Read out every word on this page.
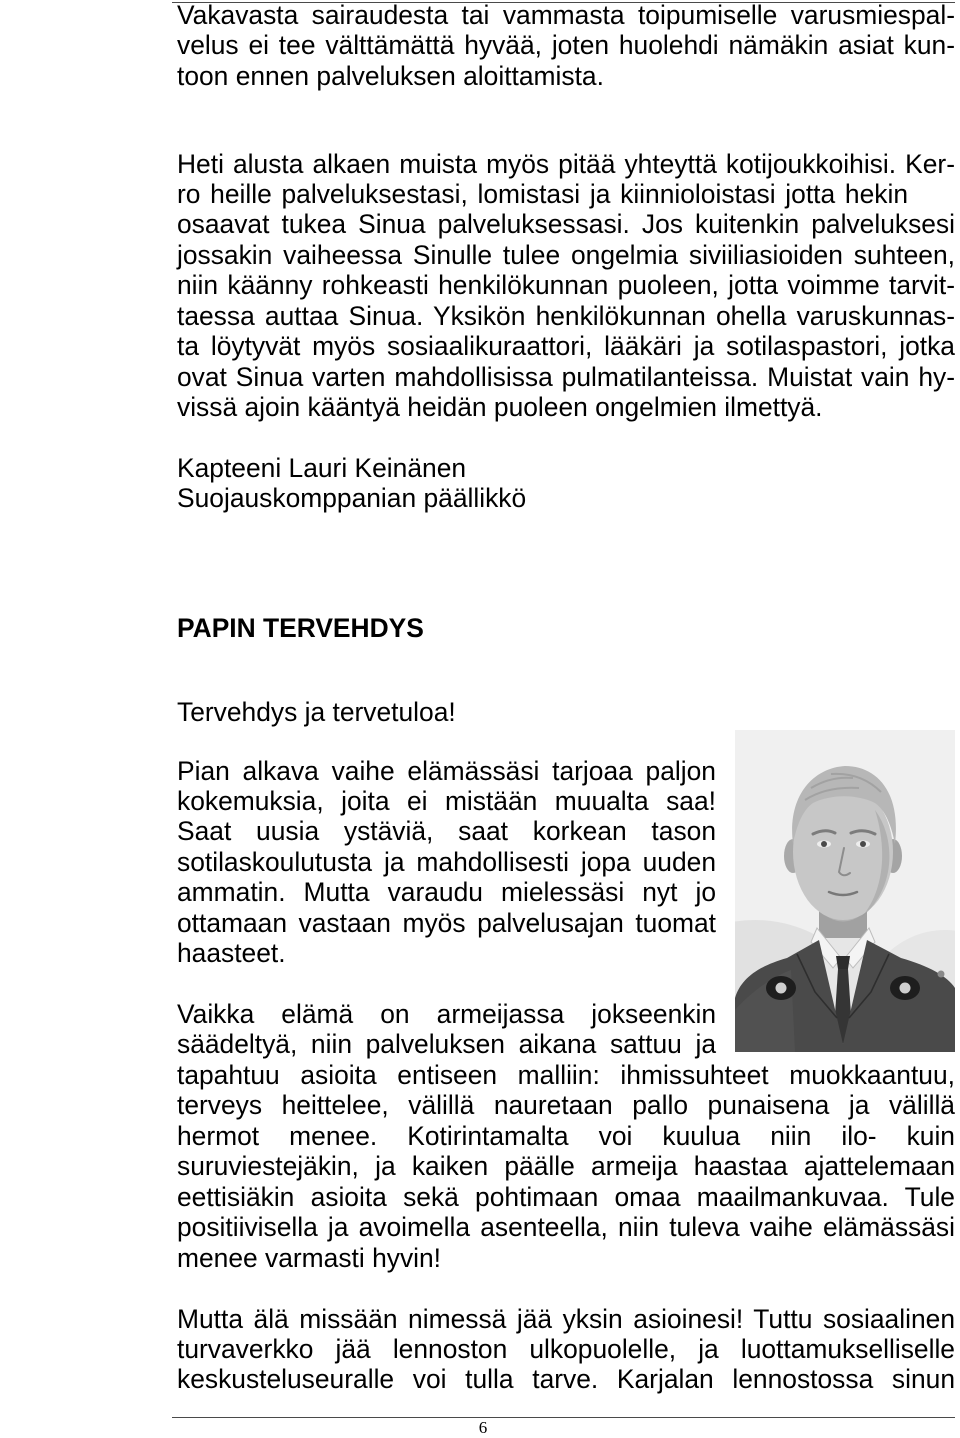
Vakavasta sairaudesta tai vammasta toipumiselle varusmiespal-
velus ei tee välttämättä hyvää, joten huolehdi nämäkin asiat kun-
toon ennen palveluksen aloittamista.
Heti alusta alkaen muista myös pitää yhteyttä kotijoukkoihisi. Ker-
ro heille palveluksestasi, lomistasi ja kiinnioloistasi jotta hekin
osaavat tukea Sinua palveluksessasi. Jos kuitenkin palveluksesi
jossakin vaiheessa Sinulle tulee ongelmia siviiliasioiden suhteen,
niin käänny rohkeasti henkilökunnan puoleen, jotta voimme tarvit-
taessa auttaa Sinua. Yksikön henkilökunnan ohella varuskunnas-
ta löytyvät myös sosiaalikuraattori, lääkäri ja sotilaspastori, jotka
ovat Sinua varten mahdollisissa pulmatilanteissa. Muistat vain hy-
vissä ajoin kääntyä heidän puoleen ongelmien ilmettyä.
Kapteeni Lauri Keinänen
Suojauskomppanian päällikkö
PAPIN TERVEHDYS
Tervehdys ja tervetuloa!
Pian alkava vaihe elämässäsi tarjoaa paljon
kokemuksia, joita ei mistään muualta saa!
Saat uusia ystäviä, saat korkean tason
sotilaskoulutusta ja mahdollisesti jopa uuden
ammatin. Mutta varaudu mielessäsi nyt jo
ottamaan vastaan myös palvelusajan tuomat
haasteet.
Vaikka elämä on armeijassa jokseenkin
säädeltyä, niin palveluksen aikana sattuu ja
tapahtuu asioita entiseen malliin: ihmissuhteet muokkaantuu,
terveys heittelee, välillä nauretaan pallo punaisena ja välillä
hermot menee. Kotirintamalta voi kuulua niin ilo- kuin
suruviestejäkin, ja kaiken päälle armeija haastaa ajattelemaan
eettisiäkin asioita sekä pohtimaan omaa maailmankuvaa. Tule
positiivisella ja avoimella asenteella, niin tuleva vaihe elämässäsi
menee varmasti hyvin!
Mutta älä missään nimessä jää yksin asioinesi! Tuttu sosiaalinen
turvaverkko jää lennoston ulkopuolelle, ja luottamukselliselle
keskusteluseuralle voi tulla tarve. Karjalan lennostossa sinun
6
